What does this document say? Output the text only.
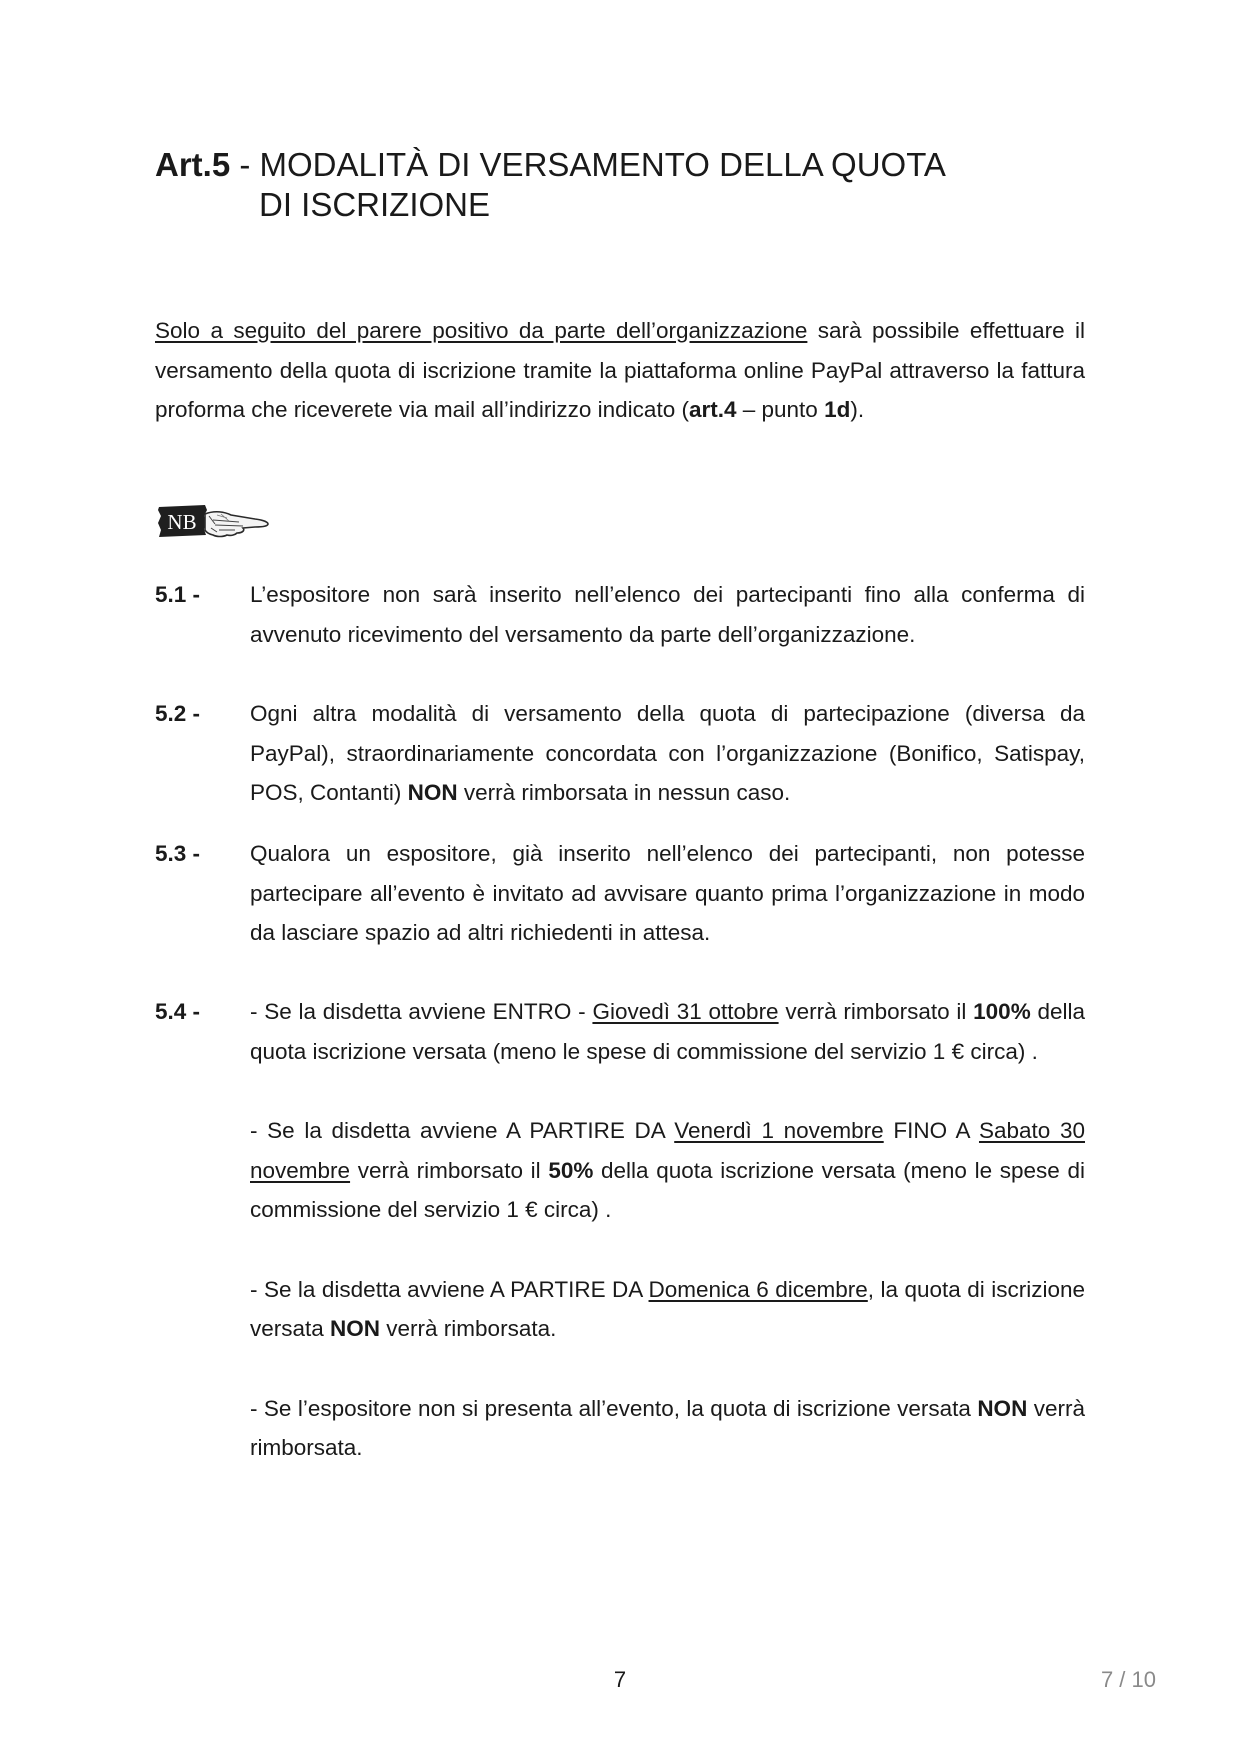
Art.5 - MODALITÀ DI VERSAMENTO DELLA QUOTA
DI ISCRIZIONE
Solo a seguito del parere positivo da parte dell’organizzazione sarà possibile effettuare il versamento della quota di iscrizione tramite la piattaforma online PayPal attraverso la fattura proforma che riceverete via mail all’indirizzo indicato (art.4 – punto 1d).
NB
5.1 - L’espositore non sarà inserito nell’elenco dei partecipanti fino alla conferma di avvenuto ricevimento del versamento da parte dell’organizzazione.

5.2 - Ogni altra modalità di versamento della quota di partecipazione (diversa da PayPal), straordinariamente concordata con l’organizzazione (Bonifico, Satispay, POS, Contanti) NON verrà rimborsata in nessun caso.

5.3 - Qualora un espositore, già inserito nell’elenco dei partecipanti, non potesse partecipare all’evento è invitato ad avvisare quanto prima l’organizzazione in modo da lasciare spazio ad altri richiedenti in attesa.

5.4 - - Se la disdetta avviene ENTRO - Giovedì 31 ottobre verrà rimborsato il 100% della quota iscrizione versata (meno le spese di commissione del servizio 1 € circa) .

- Se la disdetta avviene A PARTIRE DA Venerdì 1 novembre FINO A Sabato 30 novembre verrà rimborsato il 50% della quota iscrizione versata (meno le spese di commissione del servizio 1 € circa) .

- Se la disdetta avviene A PARTIRE DA Domenica 6 dicembre, la quota di iscrizione versata NON verrà rimborsata.

- Se l’espositore non si presenta all’evento, la quota di iscrizione versata NON verrà rimborsata.

7	7 / 10
